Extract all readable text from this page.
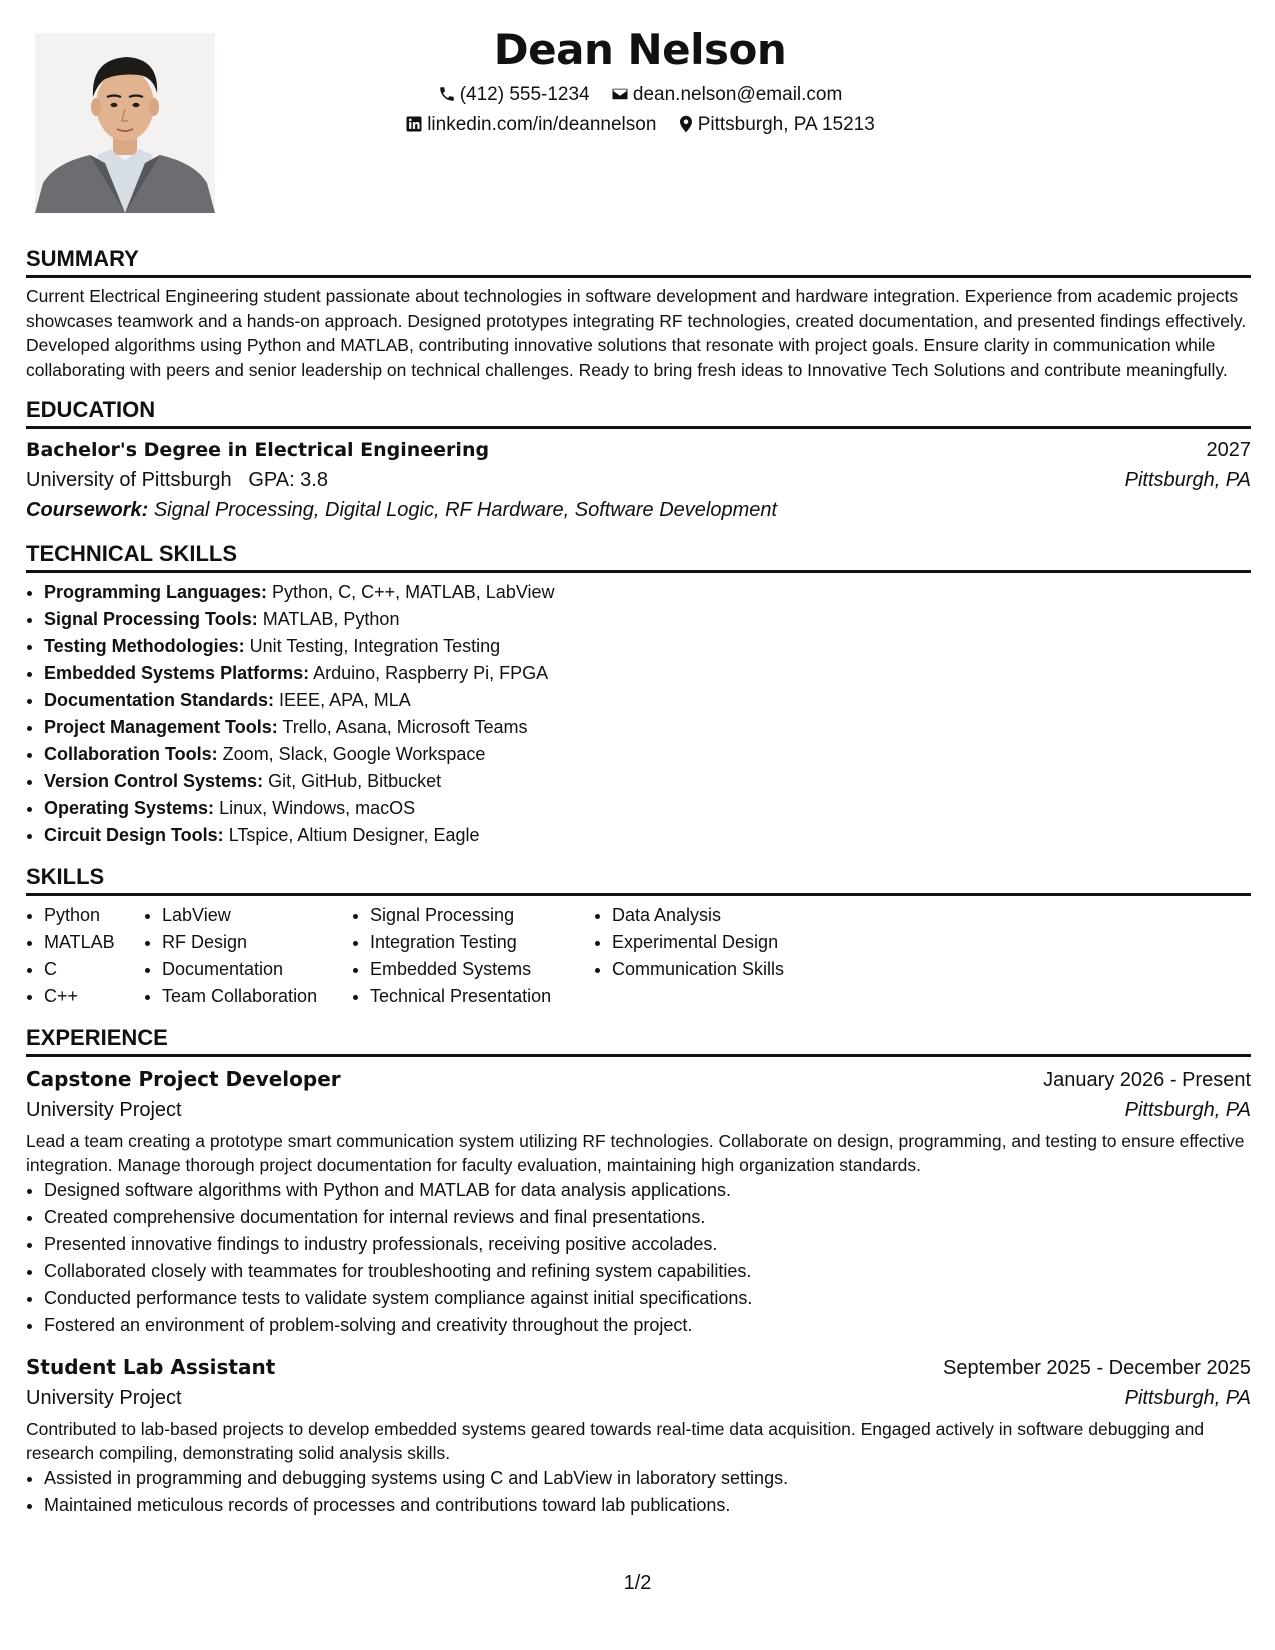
Dean Nelson
(412) 555-1234 dean.nelson@email.com
linkedin.com/in/deannelson Pittsburgh, PA 15213
SUMMARY

Current Electrical Engineering student passionate about technologies in software development and hardware integration. Experience from academic projects showcases teamwork and a hands-on approach. Designed prototypes integrating RF technologies, created documentation, and presented findings effectively. Developed algorithms using Python and MATLAB, contributing innovative solutions that resonate with project goals. Ensure clarity in communication while collaborating with peers and senior leadership on technical challenges. Ready to bring fresh ideas to Innovative Tech Solutions and contribute meaningfully.

EDUCATION
Bachelor's Degree in Electrical Engineering	2027
University of Pittsburgh GPA: 3.8	Pittsburgh, PA
Coursework: Signal Processing, Digital Logic, RF Hardware, Software Development
TECHNICAL SKILLS
• Programming Languages: Python, C, C++, MATLAB, LabView
• Signal Processing Tools: MATLAB, Python
• Testing Methodologies: Unit Testing, Integration Testing
• Embedded Systems Platforms: Arduino, Raspberry Pi, FPGA
• Documentation Standards: IEEE, APA, MLA
• Project Management Tools: Trello, Asana, Microsoft Teams
• Collaboration Tools: Zoom, Slack, Google Workspace
• Version Control Systems: Git, GitHub, Bitbucket
• Operating Systems: Linux, Windows, macOS
• Circuit Design Tools: LTspice, Altium Designer, Eagle
SKILLS
• Python
• MATLAB
• C
• C++
• LabView
• RF Design
• Documentation
• Team Collaboration
• Signal Processing
• Integration Testing
• Embedded Systems
• Technical Presentation
• Data Analysis
• Experimental Design
• Communication Skills
EXPERIENCE
Capstone Project Developer	January 2026 - Present
University Project	Pittsburgh, PA

Lead a team creating a prototype smart communication system utilizing RF technologies. Collaborate on design, programming, and testing to ensure effective integration. Manage thorough project documentation for faculty evaluation, maintaining high organization standards.

• Designed software algorithms with Python and MATLAB for data analysis applications.
• Created comprehensive documentation for internal reviews and final presentations.
• Presented innovative findings to industry professionals, receiving positive accolades.
• Collaborated closely with teammates for troubleshooting and refining system capabilities.
• Conducted performance tests to validate system compliance against initial specifications.
• Fostered an environment of problem-solving and creativity throughout the project.
Student Lab Assistant	September 2025 - December 2025
University Project	Pittsburgh, PA

Contributed to lab-based projects to develop embedded systems geared towards real-time data acquisition. Engaged actively in software debugging and research compiling, demonstrating solid analysis skills.

• Assisted in programming and debugging systems using C and LabView in laboratory settings.
• Maintained meticulous records of processes and contributions toward lab publications.
1/2
